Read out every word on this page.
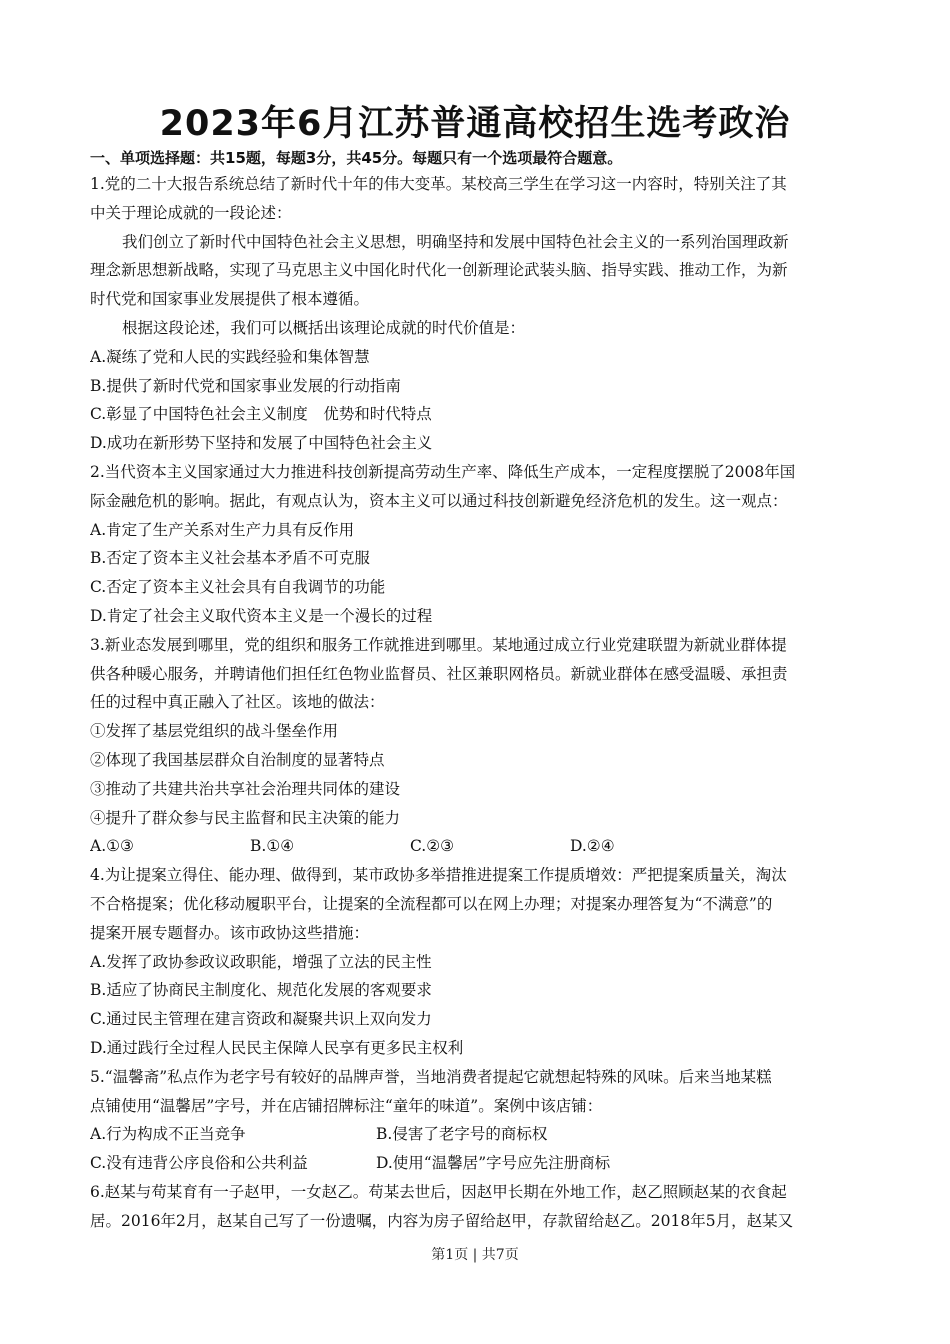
2023年6月江苏普通高校招生选考政治
一、单项选择题：共15题，每题3分，共45分。每题只有一个选项最符合题意。
1.党的二十大报告系统总结了新时代十年的伟大变革。某校高三学生在学习这一内容时，特别关注了其
中关于理论成就的一段论述：
我们创立了新时代中国特色社会主义思想，明确坚持和发展中国特色社会主义的一系列治国理政新
理念新思想新战略，实现了马克思主义中国化时代化一创新理论武装头脑、指导实践、推动工作，为新
时代党和国家事业发展提供了根本遵循。
根据这段论述，我们可以概括出该理论成就的时代价值是：
A.凝练了党和人民的实践经验和集体智慧
B.提供了新时代党和国家事业发展的行动指南
C.彰显了中国特色社会主义制度　优势和时代特点
D.成功在新形势下坚持和发展了中国特色社会主义
2.当代资本主义国家通过大力推进科技创新提高劳动生产率、降低生产成本，一定程度摆脱了2008年国
际金融危机的影响。据此，有观点认为，资本主义可以通过科技创新避免经济危机的发生。这一观点：
A.肯定了生产关系对生产力具有反作用
B.否定了资本主义社会基本矛盾不可克服
C.否定了资本主义社会具有自我调节的功能
D.肯定了社会主义取代资本主义是一个漫长的过程
3.新业态发展到哪里，党的组织和服务工作就推进到哪里。某地通过成立行业党建联盟为新就业群体提
供各种暖心服务，并聘请他们担任红色物业监督员、社区兼职网格员。新就业群体在感受温暖、承担责
任的过程中真正融入了社区。该地的做法：
①发挥了基层党组织的战斗堡垒作用
②体现了我国基层群众自治制度的显著特点
③推动了共建共治共享社会治理共同体的建设
④提升了群众参与民主监督和民主决策的能力
A.①③	B.①④	C.②③	D.②④
4.为让提案立得住、能办理、做得到，某市政协多举措推进提案工作提质增效：严把提案质量关，淘汰
不合格提案；优化移动履职平台，让提案的全流程都可以在网上办理；对提案办理答复为“不满意”的
提案开展专题督办。该市政协这些措施：
A.发挥了政协参政议政职能，增强了立法的民主性
B.适应了协商民主制度化、规范化发展的客观要求
C.通过民主管理在建言资政和凝聚共识上双向发力
D.通过践行全过程人民民主保障人民享有更多民主权利
5.“温馨斋”私点作为老字号有较好的品牌声誉，当地消费者提起它就想起特殊的风味。后来当地某糕
点铺使用“温馨居”字号，并在店铺招牌标注“童年的味道”。案例中该店铺：
A.行为构成不正当竞争	B.侵害了老字号的商标权
C.没有违背公序良俗和公共利益	D.使用“温馨居”字号应先注册商标
6.赵某与苟某育有一子赵甲，一女赵乙。苟某去世后，因赵甲长期在外地工作，赵乙照顾赵某的衣食起
居。2016年2月，赵某自己写了一份遗嘱，内容为房子留给赵甲，存款留给赵乙。2018年5月，赵某又
第1页 | 共7页
